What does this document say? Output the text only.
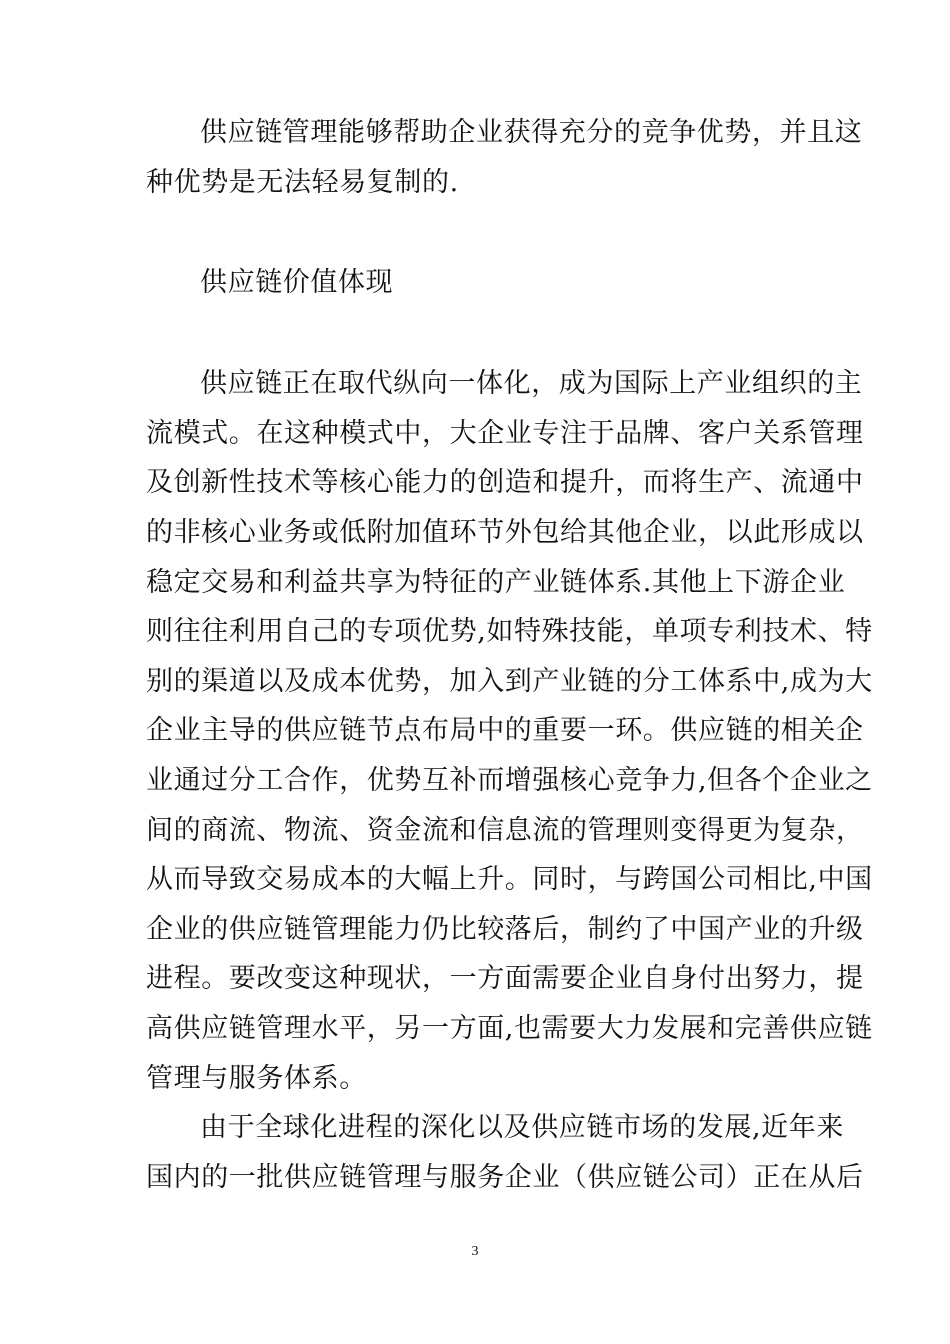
供应链管理能够帮助企业获得充分的竞争优势，并且这
种优势是无法轻易复制的.
供应链价值体现
供应链正在取代纵向一体化，成为国际上产业组织的主
流模式。在这种模式中，大企业专注于品牌、客户关系管理
及创新性技术等核心能力的创造和提升，而将生产、流通中
的非核心业务或低附加值环节外包给其他企业，以此形成以
稳定交易和利益共享为特征的产业链体系.其他上下游企业
则往往利用自己的专项优势,如特殊技能，单项专利技术、特
别的渠道以及成本优势，加入到产业链的分工体系中,成为大
企业主导的供应链节点布局中的重要一环。供应链的相关企
业通过分工合作，优势互补而增强核心竞争力,但各个企业之
间的商流、物流、资金流和信息流的管理则变得更为复杂，
从而导致交易成本的大幅上升。同时，与跨国公司相比,中国
企业的供应链管理能力仍比较落后，制约了中国产业的升级
进程。要改变这种现状，一方面需要企业自身付出努力，提
高供应链管理水平，另一方面,也需要大力发展和完善供应链
管理与服务体系。
由于全球化进程的深化以及供应链市场的发展,近年来
国内的一批供应链管理与服务企业（供应链公司）正在从后
3
